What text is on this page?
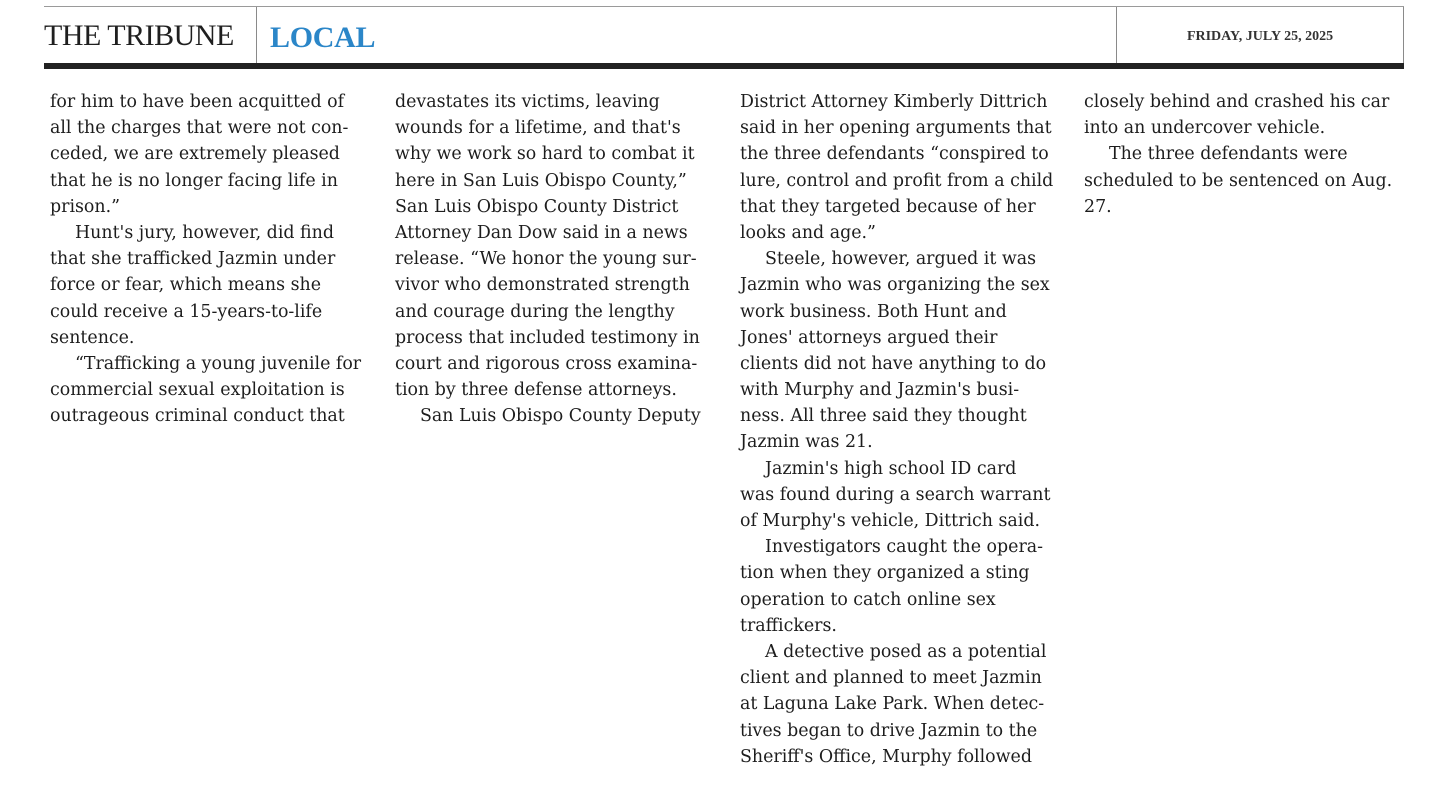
THE TRIBUNE	LOCAL	FRIDAY, JULY 25, 2025
for him to have been acquitted of
all the charges that were not con-
ceded, we are extremely pleased
that he is no longer facing life in
prison.”
Hunt's jury, however, did find
that she trafficked Jazmin under
force or fear, which means she
could receive a 15-years-to-life
sentence.
“Trafficking a young juvenile for
commercial sexual exploitation is
outrageous criminal conduct that
devastates its victims, leaving
wounds for a lifetime, and that's
why we work so hard to combat it
here in San Luis Obispo County,”
San Luis Obispo County District
Attorney Dan Dow said in a news
release. “We honor the young sur-
vivor who demonstrated strength
and courage during the lengthy
process that included testimony in
court and rigorous cross examina-
tion by three defense attorneys.
San Luis Obispo County Deputy
District Attorney Kimberly Dittrich
said in her opening arguments that
the three defendants “conspired to
lure, control and profit from a child
that they targeted because of her
looks and age.”
Steele, however, argued it was
Jazmin who was organizing the sex
work business. Both Hunt and
Jones' attorneys argued their
clients did not have anything to do
with Murphy and Jazmin's busi-
ness. All three said they thought
Jazmin was 21.
Jazmin's high school ID card
was found during a search warrant
of Murphy's vehicle, Dittrich said.
Investigators caught the opera-
tion when they organized a sting
operation to catch online sex
traffickers.
A detective posed as a potential
client and planned to meet Jazmin
at Laguna Lake Park. When detec-
tives began to drive Jazmin to the
Sheriff's Office, Murphy followed
closely behind and crashed his car
into an undercover vehicle.
The three defendants were
scheduled to be sentenced on Aug.
27.
